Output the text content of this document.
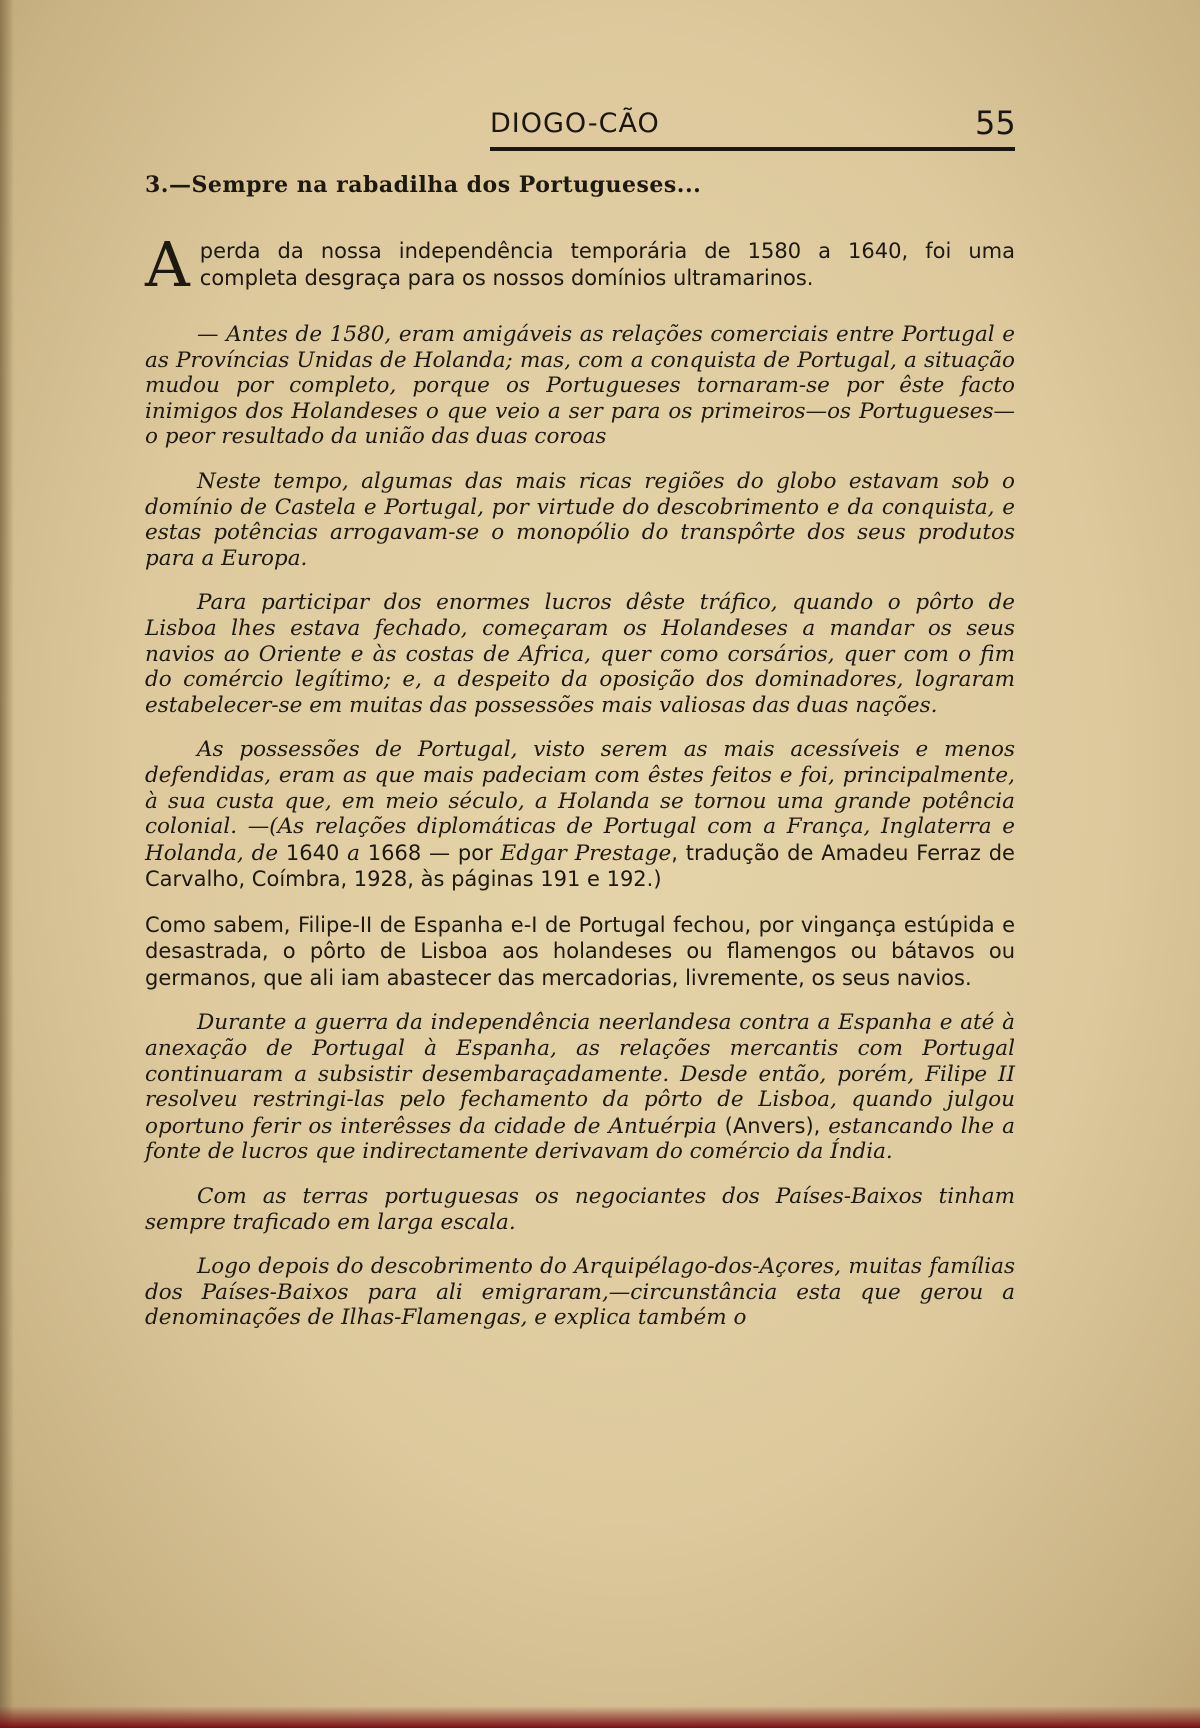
DIOGO-CÃO	55
3.—Sempre na rabadilha dos Portugueses...

Aperda da nossa independência temporária de 1580 a 1640, foi uma completa desgraça para os nossos domínios ultramarinos.

— Antes de 1580, eram amigáveis as relações comerciais entre Portugal e as Províncias Unidas de Holanda; mas, com a conquista de Portugal, a situação mudou por completo, porque os Portugueses tornaram-se por êste facto inimigos dos Holandeses o que veio a ser para os primeiros—os Portugueses— o peor resultado da união das duas coroas

Neste tempo, algumas das mais ricas regiões do globo estavam sob o domínio de Castela e Portugal, por virtude do descobrimento e da conquista, e estas potências arrogavam-se o monopólio do transpôrte dos seus produtos para a Europa.

Para participar dos enormes lucros dêste tráfico, quando o pôrto de Lisboa lhes estava fechado, começaram os Holandeses a mandar os seus navios ao Oriente e às costas de Africa, quer como corsários, quer com o fim do comércio legítimo; e, a despeito da oposição dos dominadores, lograram estabelecer-se em muitas das possessões mais valiosas das duas nações.

As possessões de Portugal, visto serem as mais acessíveis e menos defendidas, eram as que mais padeciam com êstes feitos e foi, principalmente, à sua custa que, em meio século, a Holanda se tornou uma grande potência colonial. —(As relações diplomáticas de Portugal com a França, Inglaterra e Holanda, de 1640 a 1668 — por Edgar Prestage, tradução de Amadeu Ferraz de Carvalho, Coímbra, 1928, às páginas 191 e 192.)

Como sabem, Filipe-II de Espanha e-I de Portugal fechou, por vingança estúpida e desastrada, o pôrto de Lisboa aos holandeses ou flamengos ou bátavos ou germanos, que ali iam abastecer das mercadorias, livremente, os seus navios.

Durante a guerra da independência neerlandesa contra a Espanha e até à anexação de Portugal à Espanha, as relações mercantis com Portugal continuaram a subsistir desembaraçadamente. Desde então, porém, Filipe II resolveu restringi-las pelo fechamento da pôrto de Lisboa, quando julgou oportuno ferir os interêsses da cidade de Antuérpia (Anvers), estancando lhe a fonte de lucros que indirectamente derivavam do comércio da Índia.

Com as terras portuguesas os negociantes dos Países-Baixos tinham sempre traficado em larga escala.

Logo depois do descobrimento do Arquipélago-dos-Açores, muitas famílias dos Países-Baixos para ali emigraram,—circunstância esta que gerou a denominações de Ilhas-Flamengas, e explica também o
